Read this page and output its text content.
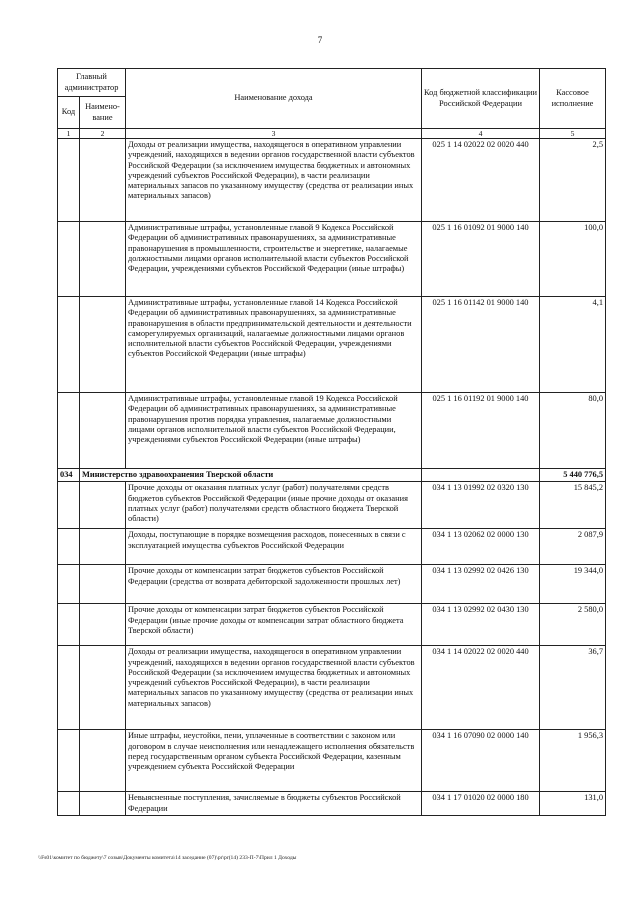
7
Главный администратор		Наименование дохода	Код бюджетной классификации Российской Федерации	Кассовое исполнение
Код	Наимено-вание			
1	2	3	4	5
		Доходы от реализации имущества, находящегося в оперативном управлении учреждений, находящихся в ведении органов государственной власти субъектов Российской Федерации (за исключением имущества бюджетных и автономных учреждений субъектов Российской Федерации), в части реализации материальных запасов по указанному имуществу (средства от реализации иных материальных запасов)	025 1 14 02022 02 0020 440	2,5
		Административные штрафы, установленные главой 9 Кодекса Российской Федерации об административных правонарушениях, за административные правонарушения в промышленности, строительстве и энергетике, налагаемые должностными лицами органов исполнительной власти субъектов Российской Федерации, учреждениями субъектов Российской Федерации (иные штрафы)	025 1 16 01092 01 9000 140	100,0
		Административные штрафы, установленные главой 14 Кодекса Российской Федерации об административных правонарушениях, за административные правонарушения в области предпринимательской деятельности и деятельности саморегулируемых организаций, налагаемые должностными лицами органов исполнительной власти субъектов Российской Федерации, учреждениями субъектов Российской Федерации (иные штрафы)	025 1 16 01142 01 9000 140	4,1
		Административные штрафы, установленные главой 19 Кодекса Российской Федерации об административных правонарушениях, за административные правонарушения против порядка управления, налагаемые должностными лицами органов исполнительной власти субъектов Российской Федерации, учреждениями субъектов Российской Федерации (иные штрафы)	025 1 16 01192 01 9000 140	80,0
034	Министерство здравоохранения Тверской области			5 440 776,5
		Прочие доходы от оказания платных услуг (работ) получателями средств бюджетов субъектов Российской Федерации (иные прочие доходы от оказания платных услуг (работ) получателями средств областного бюджета Тверской области)	034 1 13 01992 02 0320 130	15 845,2
		Доходы, поступающие в порядке возмещения расходов, понесенных в связи с эксплуатацией имущества субъектов Российской Федерации	034 1 13 02062 02 0000 130	2 087,9
		Прочие доходы от компенсации затрат бюджетов субъектов Российской Федерации (средства от возврата дебиторской задолженности прошлых лет)	034 1 13 02992 02 0426 130	19 344,0
		Прочие доходы от компенсации затрат бюджетов субъектов Российской Федерации (иные прочие доходы от компенсации затрат областного бюджета Тверской области)	034 1 13 02992 02 0430 130	2 580,0
		Доходы от реализации имущества, находящегося в оперативном управлении учреждений, находящихся в ведении органов государственной власти субъектов Российской Федерации (за исключением имущества бюджетных и автономных учреждений субъектов Российской Федерации), в части реализации материальных запасов по указанному имуществу (средства от реализации иных материальных запасов)	034 1 14 02022 02 0020 440	36,7
		Иные штрафы, неустойки, пени, уплаченные в соответствии с законом или договором в случае неисполнения или ненадлежащего исполнения обязательств перед государственным органом субъекта Российской Федерации, казенным учреждением субъекта Российской Федерации	034 1 16 07090 02 0000 140	1 956,3
		Невыясненные поступления, зачисляемые в бюджеты субъектов Российской Федерации	034 1 17 01020 02 0000 180	131,0
\\Fs01\комитет по бюджету\7 созыв\Документы комитета\14 заседание (07)\pr\pr(14) 233-П-7\Прил 1 Доходы
